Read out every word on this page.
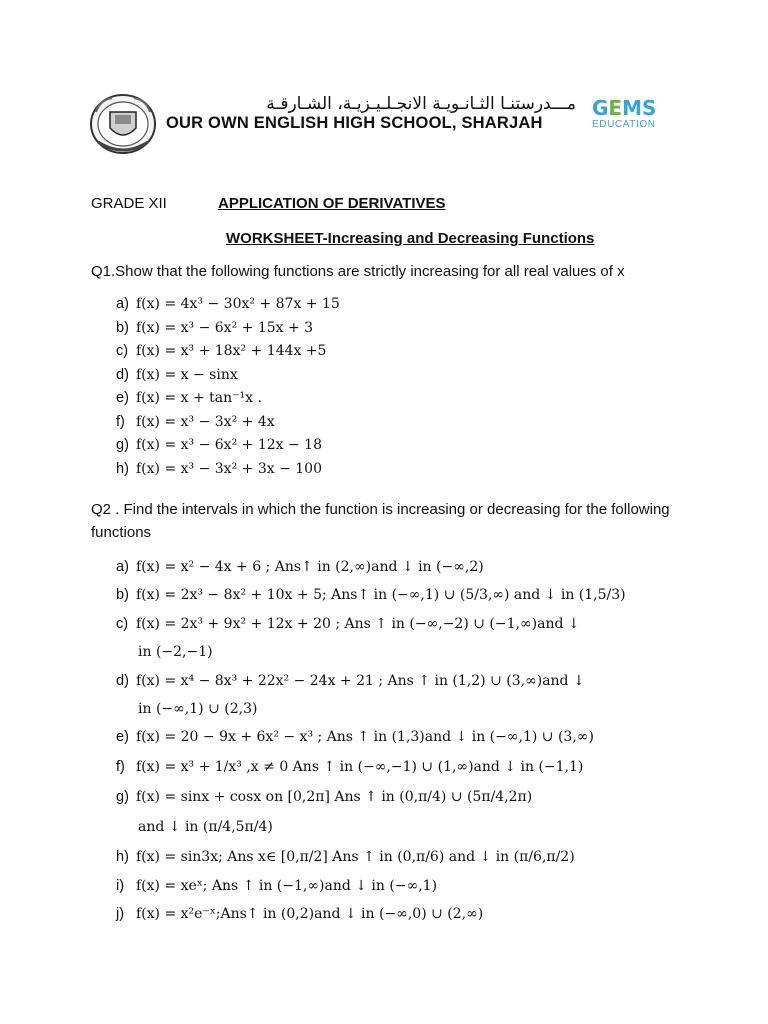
مـــدرستنـا الثـانـويـة الانجـلـيـزيـة، الشـارقـة
OUR OWN ENGLISH HIGH SCHOOL, SHARJAH
GEMS
EDUCATION
GRADE XII	APPLICATION OF DERIVATIVES
WORKSHEET-Increasing and Decreasing Functions
Q1.Show that the following functions are strictly increasing for all real values of x
a) f(x) = 4x³ − 30x² + 87x + 15
b) f(x) = x³ − 6x² + 15x + 3
c) f(x) = x³ + 18x² + 144x +5
d) f(x) = x − sinx
e) f(x) = x + tan⁻¹x .
f) f(x) = x³ − 3x² + 4x
g) f(x) = x³ − 6x² + 12x − 18
h) f(x) = x³ − 3x² + 3x − 100
Q2 . Find the intervals in which the function is increasing or decreasing for the following functions
a) f(x) = x² − 4x + 6 ; Ans↑ in (2,∞)and ↓ in (−∞,2)
b) f(x) = 2x³ − 8x² + 10x + 5; Ans↑ in (−∞,1) ∪ (5/3,∞) and ↓ in (1,5/3)
c) f(x) = 2x³ + 9x² + 12x + 20 ; Ans ↑ in (−∞,−2) ∪ (−1,∞)and ↓
in (−2,−1)
d) f(x) = x⁴ − 8x³ + 22x² − 24x + 21 ; Ans ↑ in (1,2) ∪ (3,∞)and ↓
in (−∞,1) ∪ (2,3)
e) f(x) = 20 − 9x + 6x² − x³ ; Ans ↑ in (1,3)and ↓ in (−∞,1) ∪ (3,∞)
f) f(x) = x³ + 1/x³ ,x ≠ 0 Ans ↑ in (−∞,−1) ∪ (1,∞)and ↓ in (−1,1)
g) f(x) = sinx + cosx on [0,2π] Ans ↑ in (0,π/4) ∪ (5π/4,2π)
and ↓ in (π/4,5π/4)
h) f(x) = sin3x; Ans x∈ [0,π/2] Ans ↑ in (0,π/6) and ↓ in (π/6,π/2)
i) f(x) = xeˣ; Ans ↑ in (−1,∞)and ↓ in (−∞,1)
j) f(x) = x²e⁻ˣ;Ans↑ in (0,2)and ↓ in (−∞,0) ∪ (2,∞)
